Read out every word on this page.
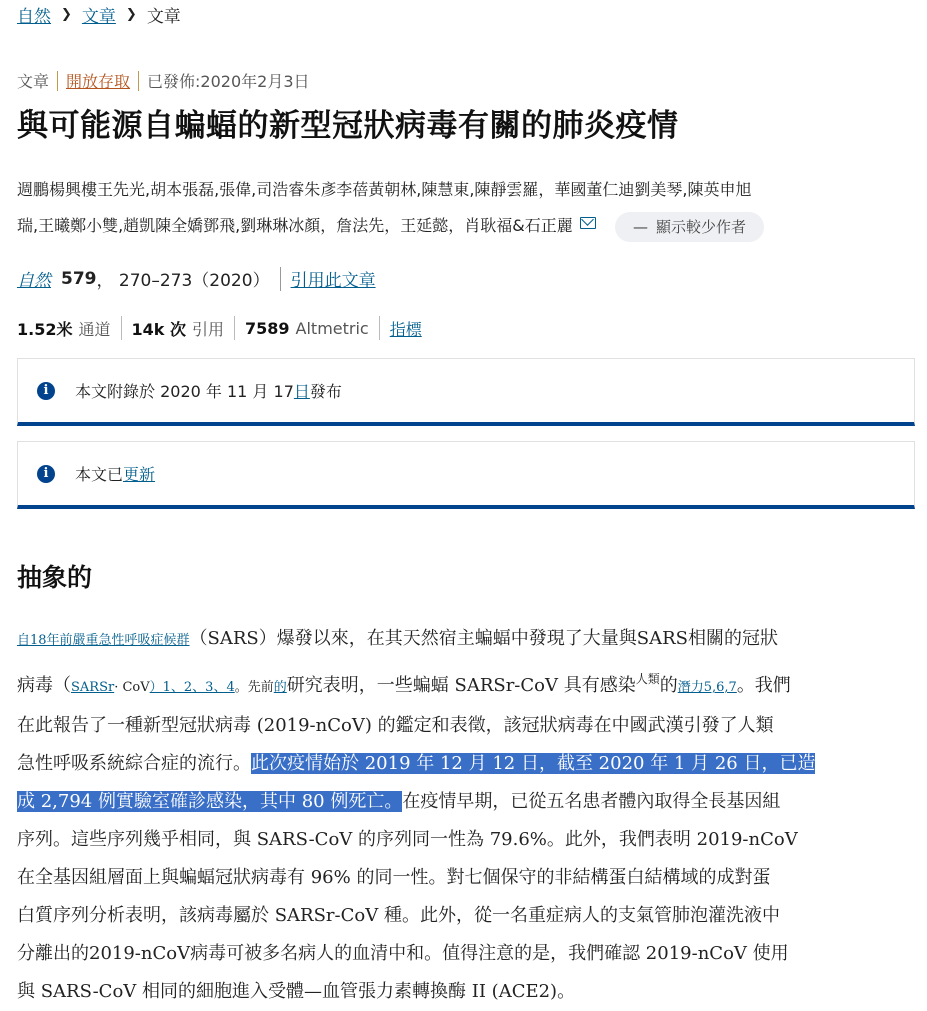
自然 ❯ 文章 ❯ 文章
文章 開放存取 已發佈:2020年2月3日
與可能源自蝙蝠的新型冠狀病毒有關的肺炎疫情
週鵬楊興樓王先光,胡本張磊,張偉,司浩睿朱彥李蓓黃朝林,陳慧東,陳靜雲羅，華國董仁迪劉美琴,陳英申旭
瑞,王曦鄭小雙,趙凱陳全嬌鄧飛,劉琳琳冰顏，詹法先，王延懿，肖耿福&石正麗	— 顯示較少作者
自然 579 ， 270–273（2020） 引用此文章
1.52米 通道 14k 次 引用 7589 Altmetric 指標
i	本文附錄於 2020 年 11 月 17日發布
i	本文已更新
抽象的
自18年前嚴重急性呼吸症候群（SARS）爆發以來，在其天然宿主蝙蝠中發現了大量與SARS相關的冠狀
病毒（SARSr· CoV）1、2、3、4。先前的研究表明，一些蝙蝠 SARSr-CoV 具有感染$^{人類}$的潛力5,6,7。我們
在此報告了一種新型冠狀病毒 (2019-nCoV) 的鑑定和表徵，該冠狀病毒在中國武漢引發了人類
急性呼吸系統綜合症的流行。此次疫情始於 2019 年 12 月 12 日，截至 2020 年 1 月 26 日，已造
成 2,794 例實驗室確診感染，其中 80 例死亡。在疫情早期，已從五名患者體內取得全長基因組
序列。這些序列幾乎相同，與 SARS-CoV 的序列同一性為 79.6%。此外，我們表明 2019-nCoV
在全基因組層面上與蝙蝠冠狀病毒有 96% 的同一性。對七個保守的非結構蛋白結構域的成對蛋
白質序列分析表明，該病毒屬於 SARSr-CoV 種。此外，從一名重症病人的支氣管肺泡灌洗液中
分離出的2019-nCoV病毒可被多名病人的血清中和。值得注意的是，我們確認 2019-nCoV 使用
與 SARS-CoV 相同的細胞進入受體—血管張力素轉換酶 II (ACE2)。
